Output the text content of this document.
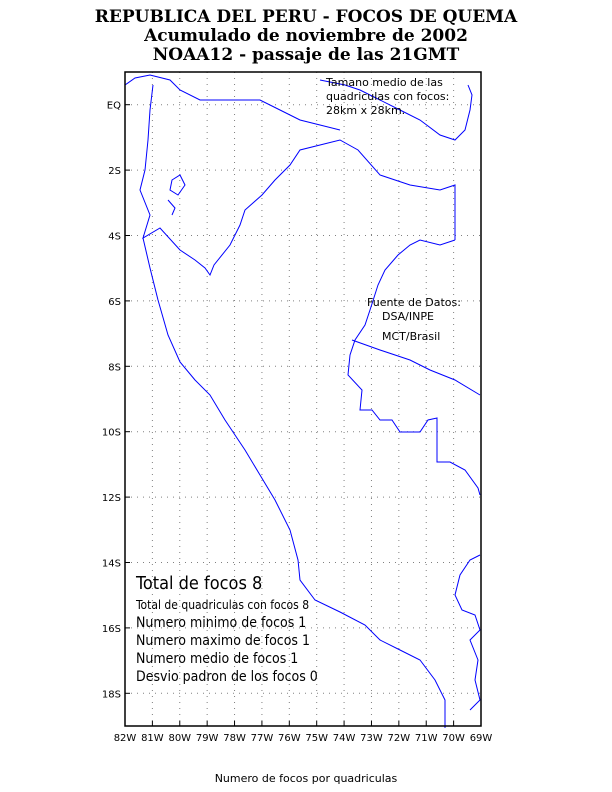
REPUBLICA DEL PERU - FOCOS DE QUEMA
Acumulado de noviembre de 2002
NOAA12 - passaje de las 21GMT
EQ
2S
4S
6S
8S
10S
12S
14S
16S
18S
82W 81W 80W 79W 78W 77W 76W 75W 74W 73W 72W 71W 70W 69W
Tamano medio de las
quadriculas con focos:
28km x 28km.
Fuente de Datos:
DSA/INPE
MCT/Brasil
Total de focos 8
Total de quadriculas con focos 8
Numero minimo de focos 1
Numero maximo de focos 1
Numero medio de focos 1
Desvio padron de los focos 0
Numero de focos por quadriculas
